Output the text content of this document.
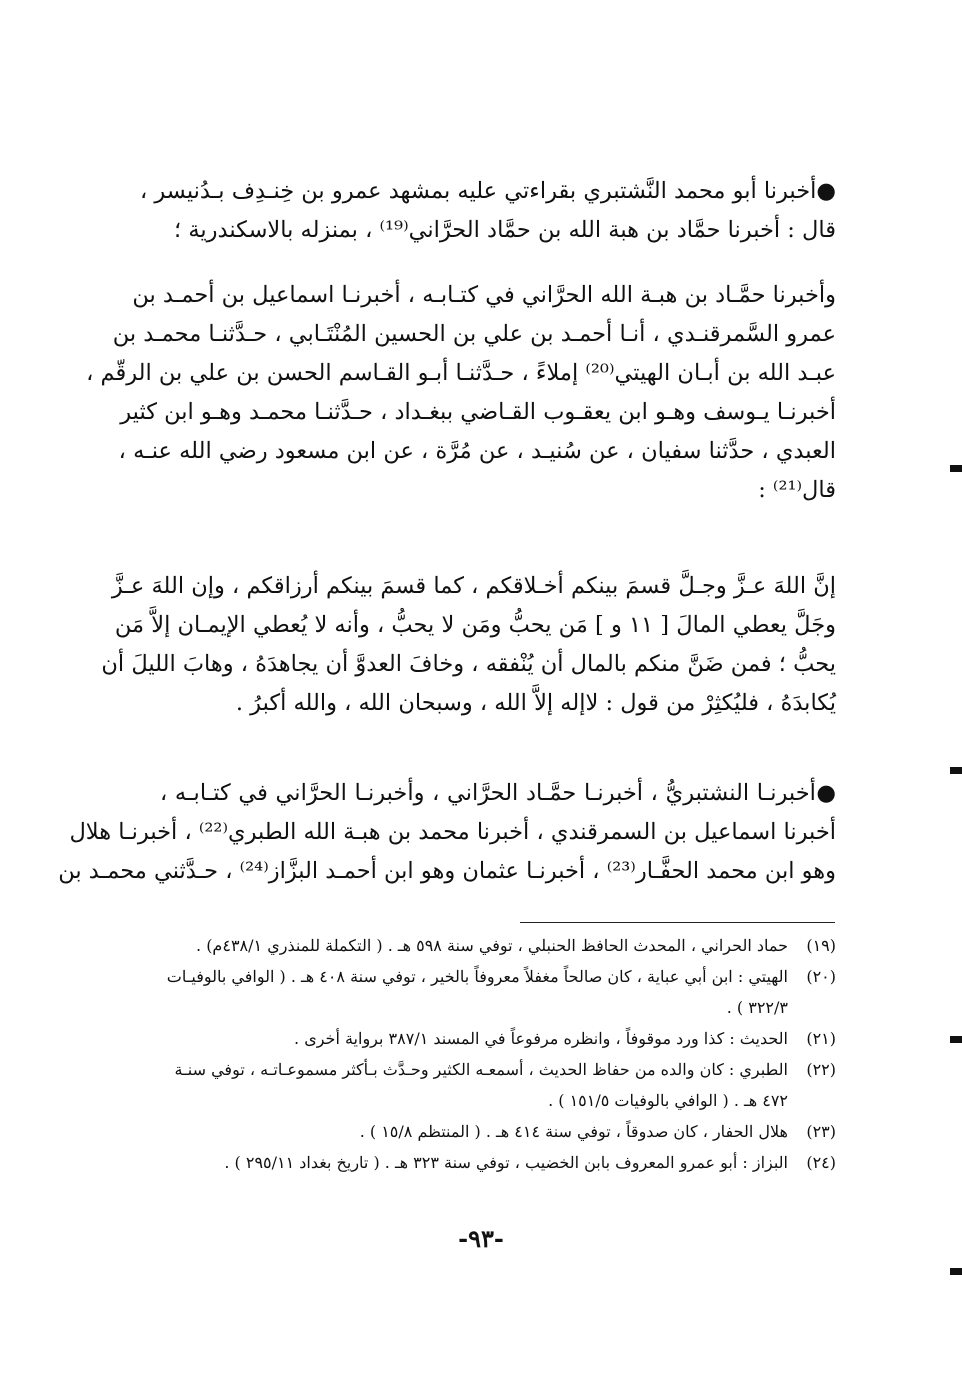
●أخبرنا أبو محمد النَّشتبري بقراءتي عليه بمشهد عمرو بن خِنـدِف بـدُنيسر ،
قال : أخبرنا حمَّاد بن هبة الله بن حمَّاد الحرَّاني⁽¹⁹⁾ ، بمنزله بالاسكندرية ؛
وأخبرنا حمَّـاد بن هبـة الله الحرَّاني في كتـابـه ، أخبرنـا اسماعيل بن أحمـد بن
عمرو السَّمرقنـدي ، أنـا أحمـد بن علي بن الحسين المُنْتَـابي ، حـدَّثنـا محمـد بن
عبـد الله بن أبـان الهيتي⁽²⁰⁾ إملاءً ، حـدَّثنـا أبـو القـاسم الحسن بن علي بن الرقّم ،
أخبرنـا يـوسف وهـو ابن يعقـوب القـاضي ببغـداد ، حـدَّثنـا محمـد وهـو ابن كثير
العبدي ، حدَّثنا سفيان ، عن سُنيـد ، عن مُرَّة ، عن ابن مسعود رضي الله عنـه ،
قال⁽²¹⁾ :
إنَّ اللهَ عـزَّ وجـلَّ قسمَ بينكم أخـلاقكم ، كما قسمَ بينكم أرزاقكم ، وإن اللهَ عـزَّ
وجَلَّ يعطي المالَ [ ١١ و ] مَن يحبُّ ومَن لا يحبُّ ، وأنه لا يُعطي الإيمـان إلاَّ مَن
يحبُّ ؛ فمن ضَنَّ منكم بالمال أن يُنْفقه ، وخافَ العدوَّ أن يجاهدَهُ ، وهابَ الليلَ أن
يُكابدَهُ ، فليُكثِرْ من قول : لاإله إلاَّ الله ، وسبحان الله ، والله أكبرُ .
●أخبرنـا النشتبريُّ ، أخبرنـا حمَّـاد الحرَّاني ، وأخبرنـا الحرَّاني في كتـابـه ،
أخبرنا اسماعيل بن السمرقندي ، أخبرنا محمد بن هبـة الله الطبري⁽²²⁾ ، أخبرنـا هلال
وهو ابن محمد الحفَّـار⁽²³⁾ ، أخبرنـا عثمان وهو ابن أحمـد البزَّاز⁽²⁴⁾ ، حـدَّثني محمـد بن
(١٩)
حماد الحراني ، المحدث الحافظ الحنبلي ، توفي سنة ٥٩٨ هـ . ( التكملة للمنذري ٤٣٨/١م) .
(٢٠)
الهيتي : ابن أبي عباية ، كان صالحاً مغفلاً معروفاً بالخير ، توفي سنة ٤٠٨ هـ . ( الوافي بالوفيـات ٣٢٢/٣ ) .
(٢١)
الحديث : كذا ورد موقوفاً ، وانظره مرفوعاً في المسند ٣٨٧/١ برواية أخرى .
(٢٢)
الطبري : كان والده من حفاظ الحديث ، أسمعـه الكثير وحـدَّث بـأكثر مسموعـاتـه ، توفي سنـة ٤٧٢ هـ . ( الوافي بالوفيات ١٥١/٥ ) .
(٢٣)
هلال الحفار ، كان صدوقاً ، توفي سنة ٤١٤ هـ . ( المنتظم ١٥/٨ ) .
(٢٤)
البزاز : أبو عمرو المعروف بابن الخضيب ، توفي سنة ٣٢٣ هـ . ( تاريخ بغداد ٢٩٥/١١ ) .
-٩٣-
